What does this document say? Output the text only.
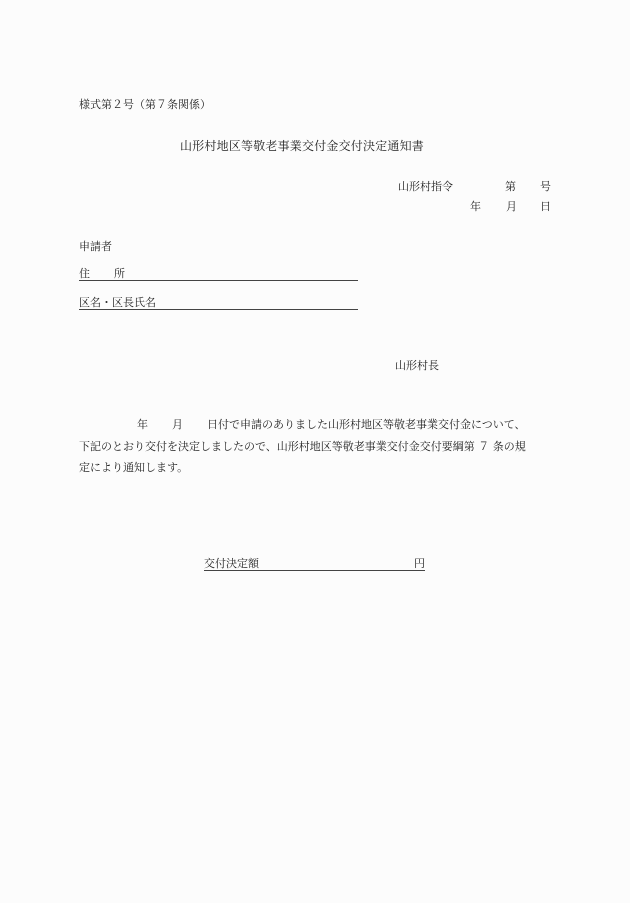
様式第２号（第７条関係）
山形村地区等敬老事業交付金交付決定通知書
山形村指令	第 号
年 月 日
申請者
住 所
区名・区長氏名
山形村長
年 月 日付で申請のありました山形村地区等敬老事業交付金について、
下記のとおり交付を決定しましたので、山形村地区等敬老事業交付金交付要綱第 ７ 条の規
定により通知します。
交付決定額	円
